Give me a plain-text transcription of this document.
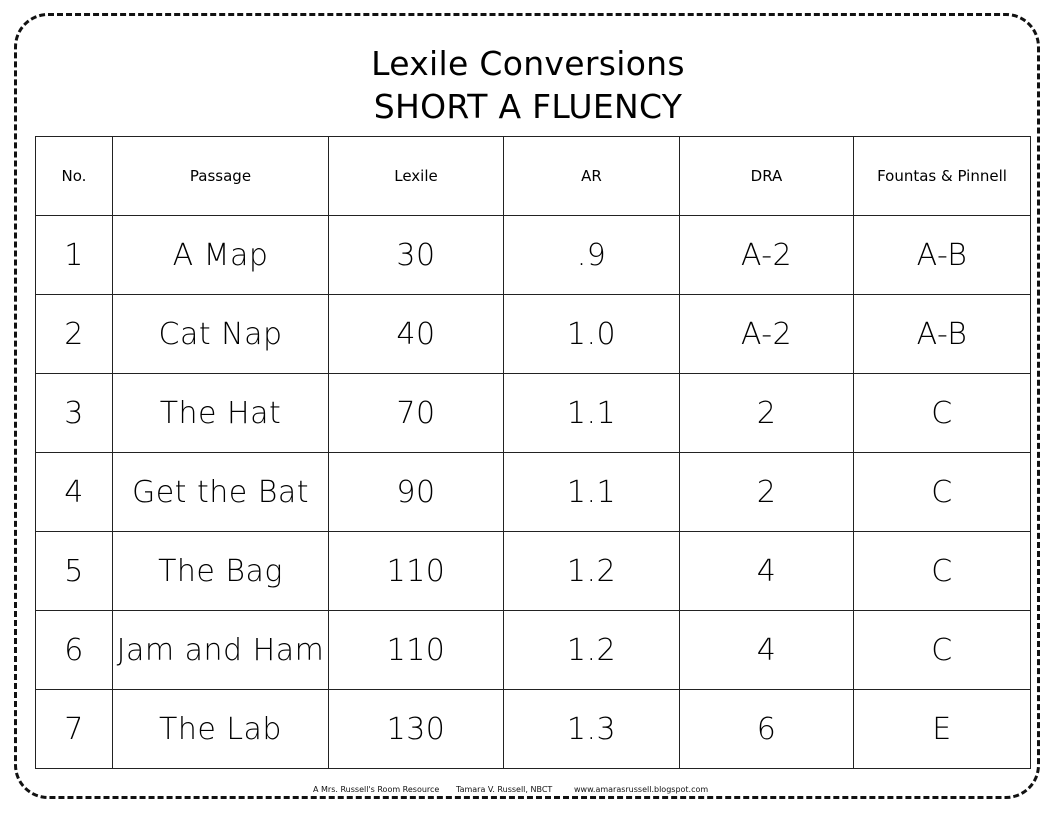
Lexile Conversions
SHORT A FLUENCY
No.	Passage	Lexile	AR	DRA	Fountas & Pinnell
1	A Map	30	.9	A-2	A-B
2	Cat Nap	40	1.0	A-2	A-B
3	The Hat	70	1.1	2	C
4	Get the Bat	90	1.1	2	C
5	The Bag	110	1.2	4	C
6	Jam and Ham	110	1.2	4	C
7	The Lab	130	1.3	6	E
A Mrs. Russell's Room Resource Tamara V. Russell, NBCT	www.amarasrussell.blogspot.com
